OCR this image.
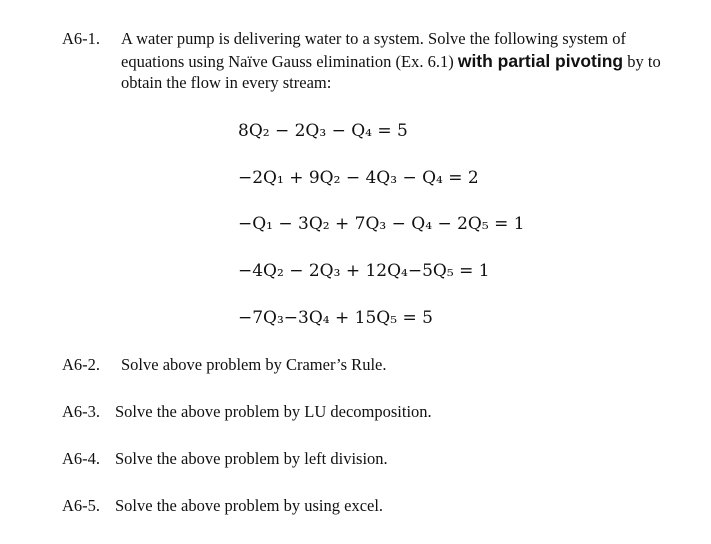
A6-1. A water pump is delivering water to a system. Solve the following system of
equations using Naïve Gauss elimination (Ex. 6.1) with partial pivoting by to
obtain the flow in every stream:
8Q₂ − 2Q₃ − Q₄ = 5
−2Q₁ + 9Q₂ − 4Q₃ − Q₄ = 2
−Q₁ − 3Q₂ + 7Q₃ − Q₄ − 2Q₅ = 1
−4Q₂ − 2Q₃ + 12Q₄−5Q₅ = 1
−7Q₃−3Q₄ + 15Q₅ = 5
A6-2. Solve above problem by Cramer’s Rule.
A6-3. Solve the above problem by LU decomposition.
A6-4. Solve the above problem by left division.
A6-5. Solve the above problem by using excel.
